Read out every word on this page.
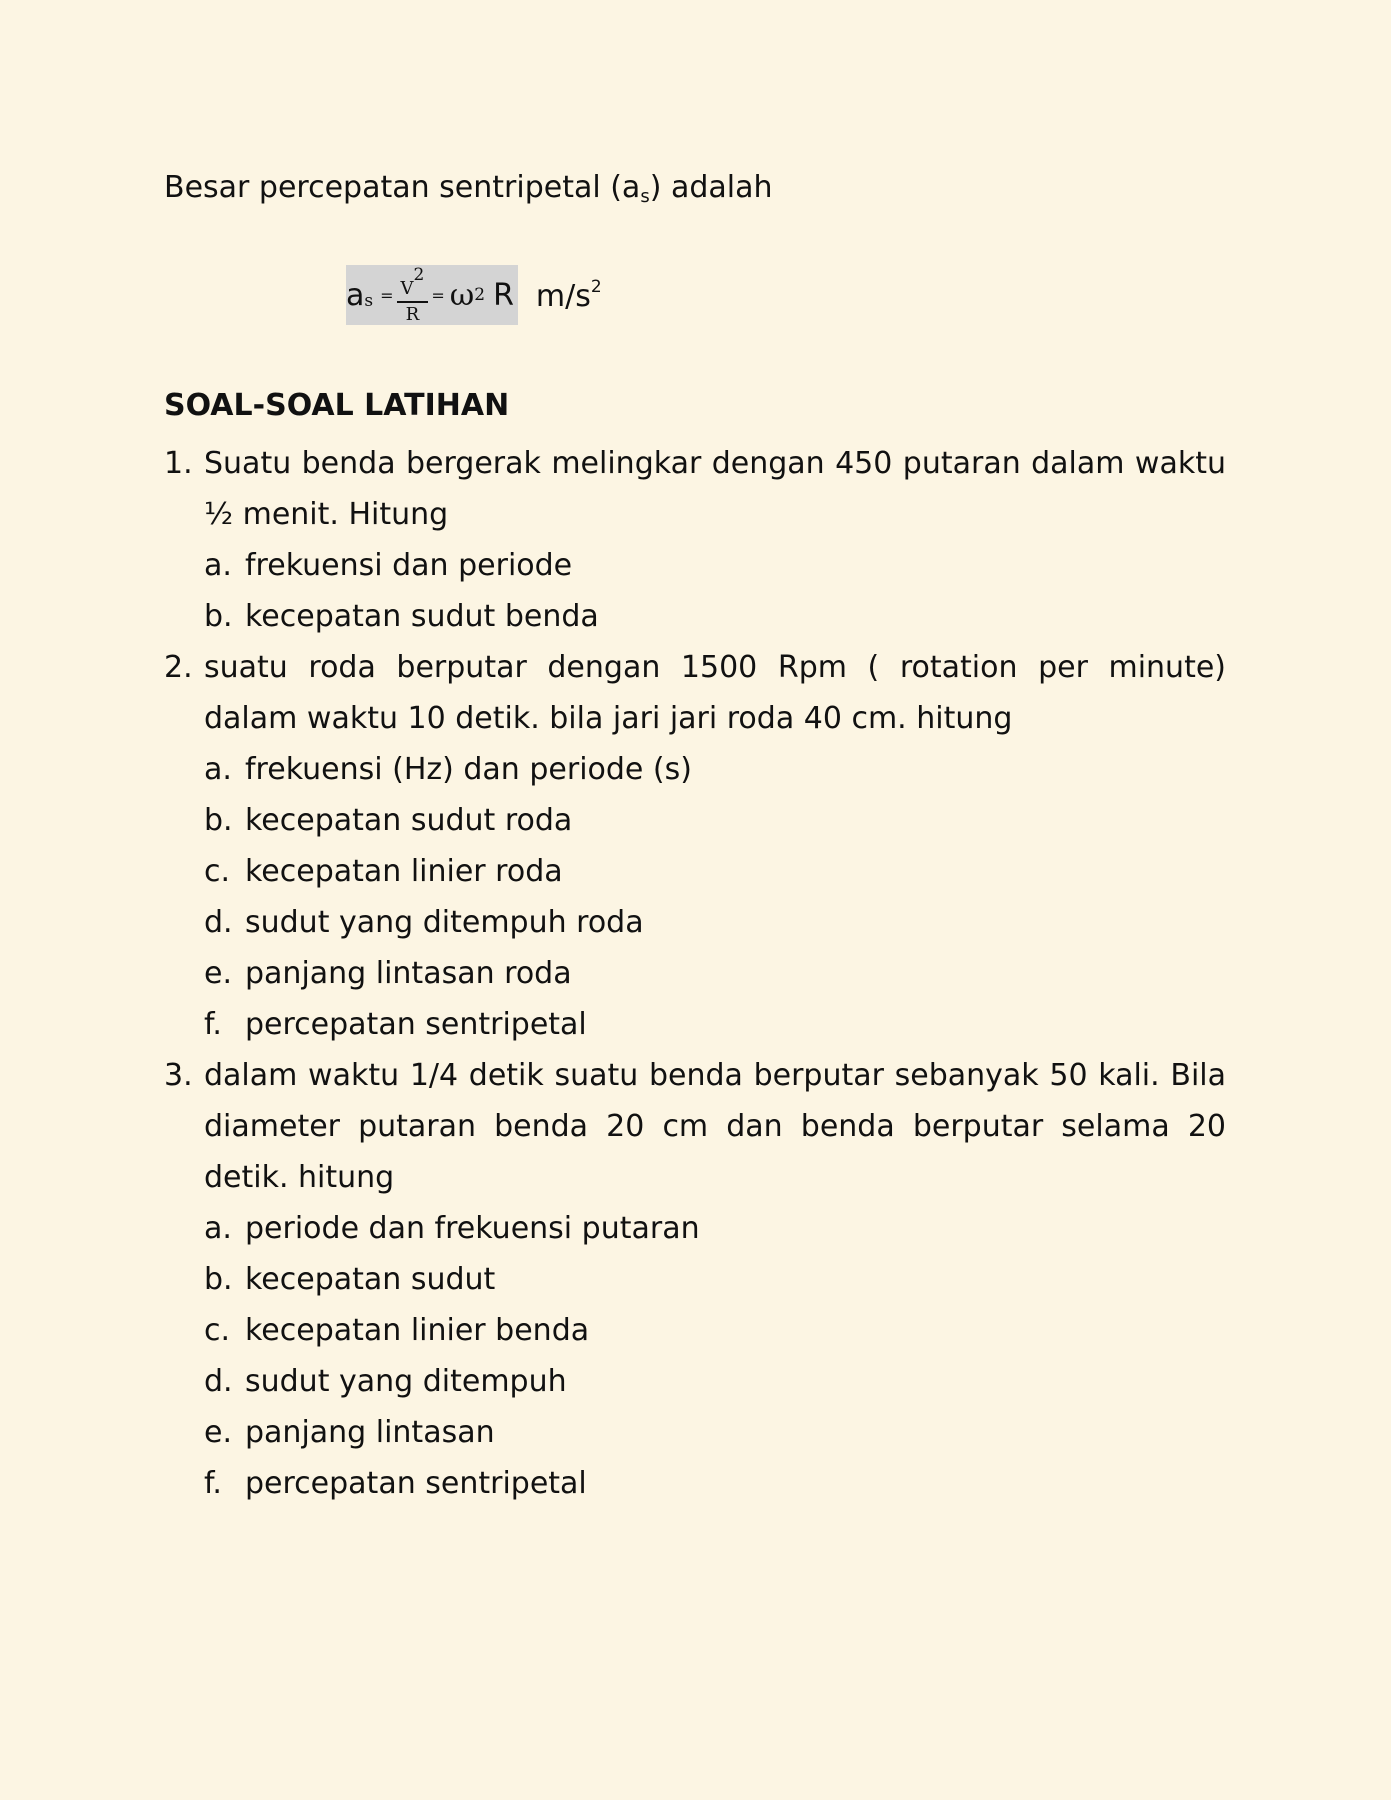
Besar percepatan sentripetal (as) adalah
a $s = \frac{V^2}{R} = \omega$ 2 R $m/s^2$
SOAL-SOAL LATIHAN
1. Suatu benda bergerak melingkar dengan 450 putaran dalam waktu ½ menit. Hitung
a. frekuensi dan periode
b. kecepatan sudut benda
2. suatu roda berputar dengan 1500 Rpm ( rotation per minute) dalam waktu 10 detik. bila jari jari roda 40 cm. hitung
a. frekuensi (Hz) dan periode (s)
b. kecepatan sudut roda
c. kecepatan linier roda
d. sudut yang ditempuh roda
e. panjang lintasan roda
f. percepatan sentripetal
3. dalam waktu 1/4 detik suatu benda berputar sebanyak 50 kali. Bila diameter putaran benda 20 cm dan benda berputar selama 20 detik. hitung
a. periode dan frekuensi putaran
b. kecepatan sudut
c. kecepatan linier benda
d. sudut yang ditempuh
e. panjang lintasan
f. percepatan sentripetal
